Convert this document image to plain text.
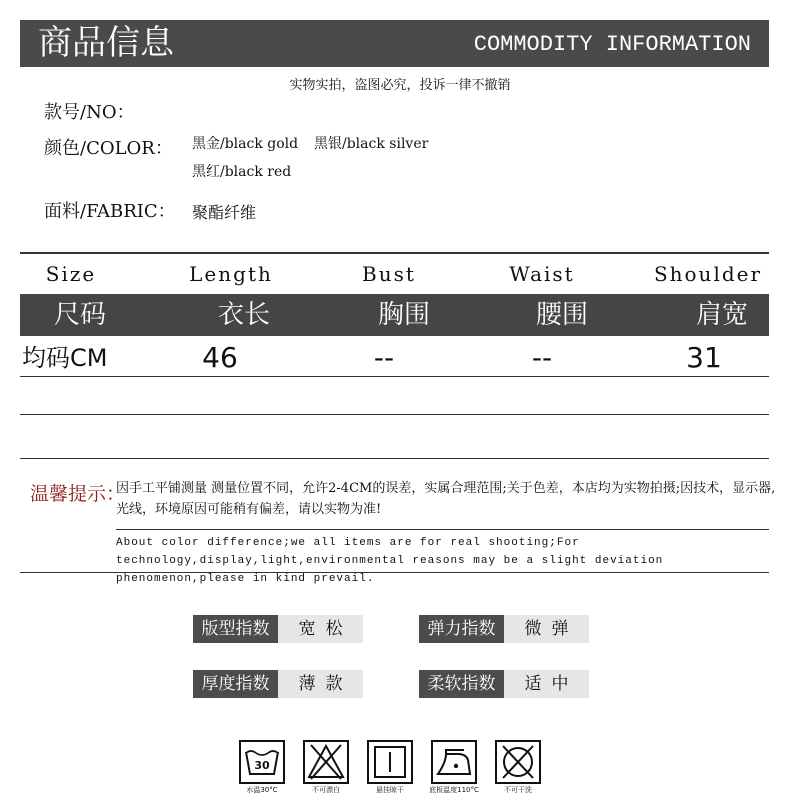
商品信息	COMMODITY INFORMATION
实物实拍，盗图必究，投诉一律不撤销
款号/NO：
颜色/COLOR： 黑金/black gold 黑银/black silver
黑红/black red
面料/FABRIC： 聚酯纤维
Size	Length	Bust	Waist	Shoulder
尺码	衣长	胸围	腰围	肩宽
均码CM	46	--	--	31
温馨提示：
因手工平铺测量 测量位置不同，允许2-4CM的误差，实属合理范围;关于色差，本店均为实物拍摄;因技术，显示器,光线，环境原因可能稍有偏差，请以实物为准!
About color difference;we all items are for real shooting;For technology,display,light,environmental reasons may be a slight deviation phenomenon,please in kind prevail.
版型指数	宽松	弹力指数	微弹
厚度指数	薄款	柔软指数	适中
30
水温30°C	不可漂白	悬挂晾干	底板温度110°C	不可干洗
